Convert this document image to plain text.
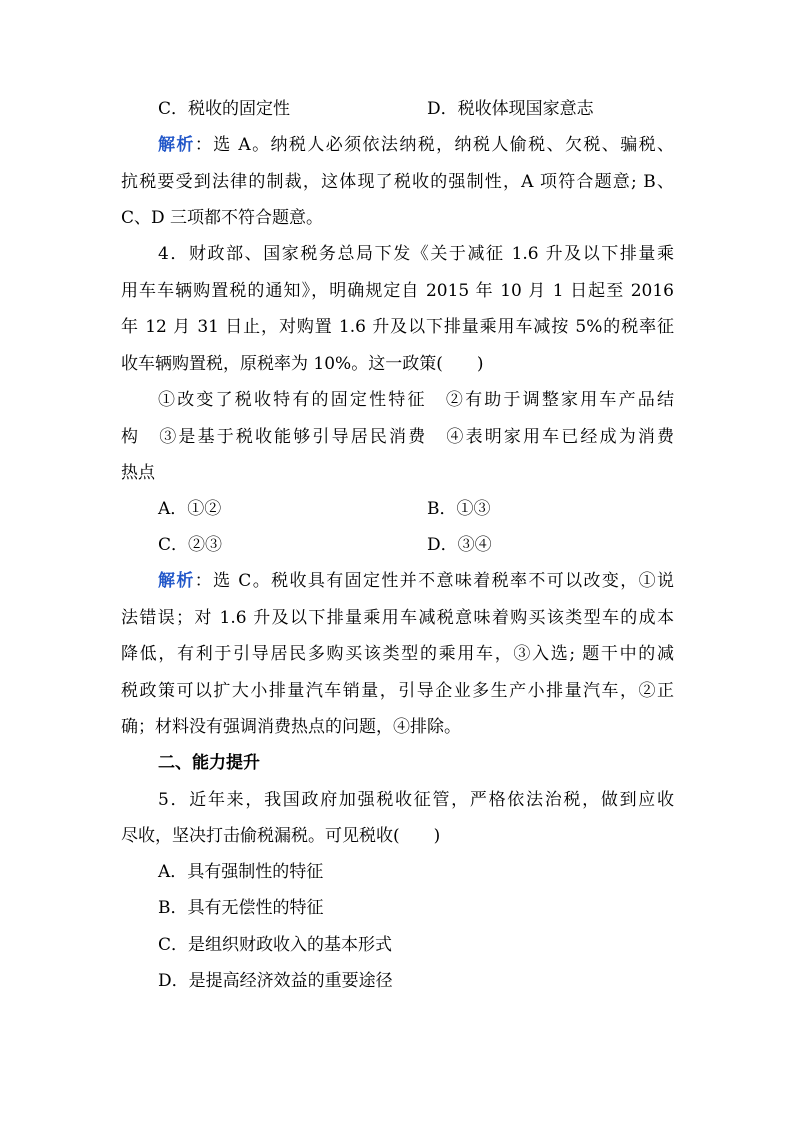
C．税收的固定性	D．税收体现国家意志
解析：选 A。纳税人必须依法纳税，纳税人偷税、欠税、骗税、
抗税要受到法律的制裁，这体现了税收的强制性，A 项符合题意; B、
C、D 三项都不符合题意。
4．财政部、国家税务总局下发《关于减征 1.6 升及以下排量乘
用车车辆购置税的通知》，明确规定自 2015 年 10 月 1 日起至 2016
年 12 月 31 日止，对购置 1.6 升及以下排量乘用车减按 5%的税率征
收车辆购置税，原税率为 10%。这一政策(　　)
①改变了税收特有的固定性特征　②有助于调整家用车产品结
构　③是基于税收能够引导居民消费　④表明家用车已经成为消费
热点
A．①②	B．①③
C．②③	D．③④
解析：选 C。税收具有固定性并不意味着税率不可以改变，①说
法错误；对 1.6 升及以下排量乘用车减税意味着购买该类型车的成本
降低，有利于引导居民多购买该类型的乘用车，③入选; 题干中的减
税政策可以扩大小排量汽车销量，引导企业多生产小排量汽车，②正
确；材料没有强调消费热点的问题，④排除。
二、能力提升
5．近年来，我国政府加强税收征管，严格依法治税，做到应收
尽收，坚决打击偷税漏税。可见税收(　　)
A．具有强制性的特征
B．具有无偿性的特征
C．是组织财政收入的基本形式
D．是提高经济效益的重要途径
